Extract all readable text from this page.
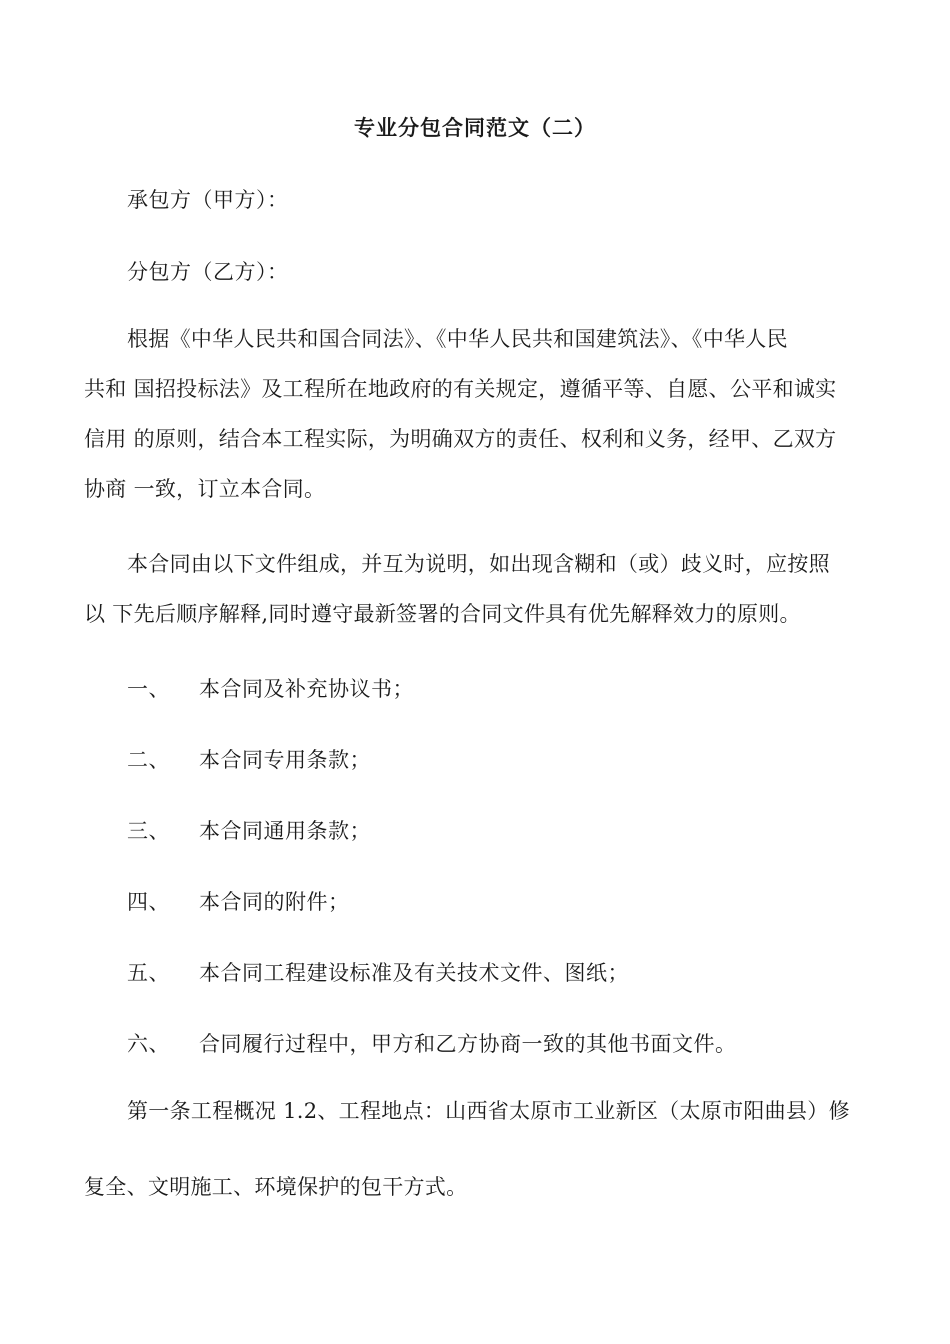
专业分包合同范文（二）
承包方（甲方）：
分包方（乙方）：
根据《中华人民共和国合同法》、《中华人民共和国建筑法》、《中华人民
共和 国招投标法》及工程所在地政府的有关规定，遵循平等、自愿、公平和诚实
信用 的原则，结合本工程实际，为明确双方的责任、权利和义务，经甲、乙双方
协商 一致，订立本合同。
本合同由以下文件组成，并互为说明，如出现含糊和（或）歧义时，应按照
以 下先后顺序解释,同时遵守最新签署的合同文件具有优先解释效力的原则。
一、 本合同及补充协议书；
二、 本合同专用条款；
三、 本合同通用条款；
四、 本合同的附件；
五、 本合同工程建设标准及有关技术文件、图纸；
六、 合同履行过程中，甲方和乙方协商一致的其他书面文件。
第一条工程概况 1.2、工程地点：山西省太原市工业新区（太原市阳曲县）修
复全、文明施工、环境保护的包干方式。
